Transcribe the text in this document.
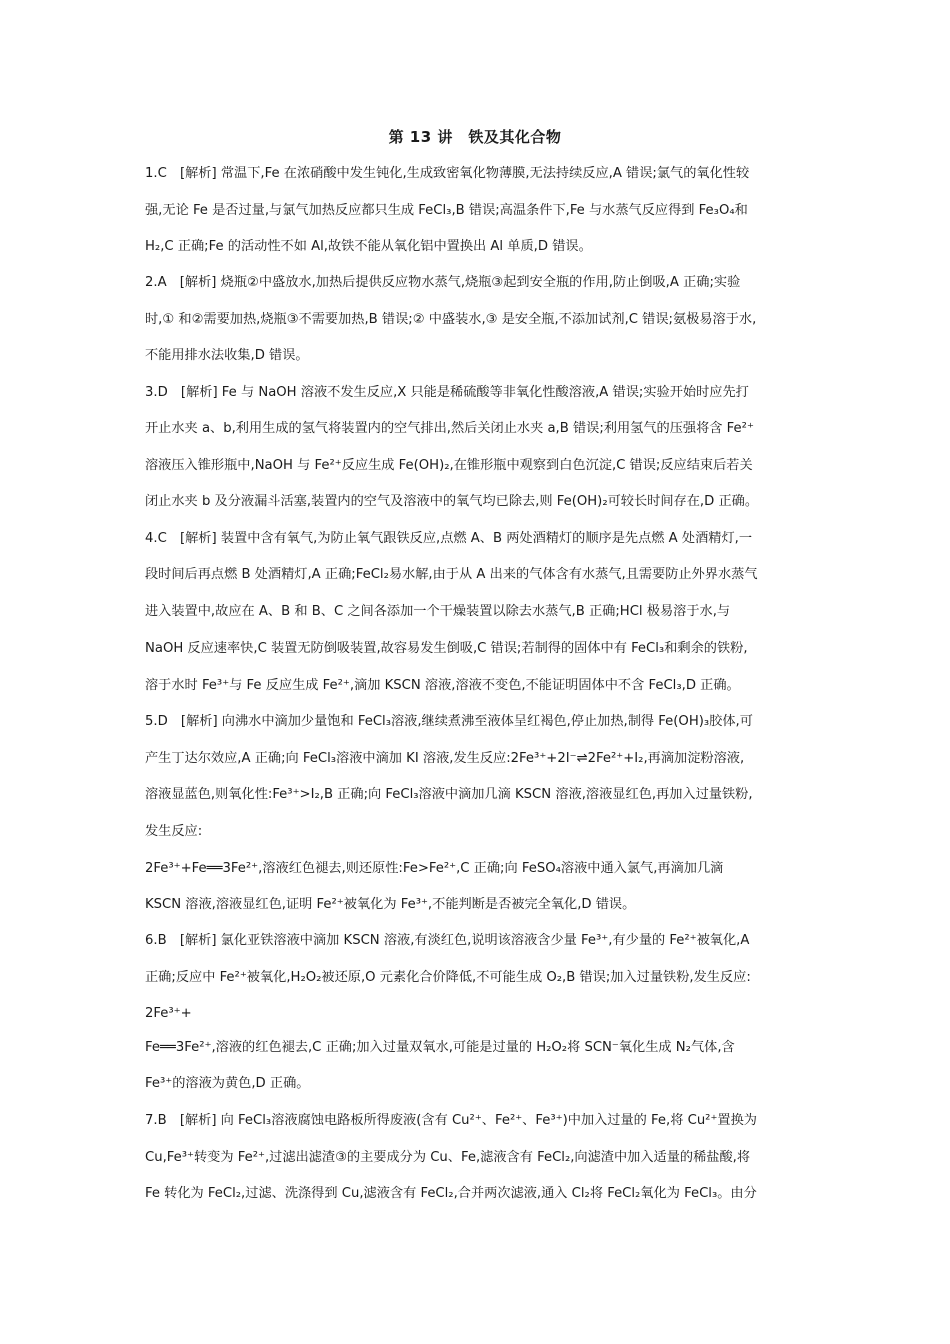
第 13 讲　铁及其化合物
1.C　[解析] 常温下,Fe 在浓硝酸中发生钝化,生成致密氧化物薄膜,无法持续反应,A 错误;氯气的氧化性较
强,无论 Fe 是否过量,与氯气加热反应都只生成 FeCl₃,B 错误;高温条件下,Fe 与水蒸气反应得到 Fe₃O₄和
H₂,C 正确;Fe 的活动性不如 Al,故铁不能从氧化铝中置换出 Al 单质,D 错误。
2.A　[解析] 烧瓶②中盛放水,加热后提供反应物水蒸气,烧瓶③起到安全瓶的作用,防止倒吸,A 正确;实验
时,① 和②需要加热,烧瓶③不需要加热,B 错误;② 中盛装水,③ 是安全瓶,不添加试剂,C 错误;氨极易溶于水,
不能用排水法收集,D 错误。
3.D　[解析] Fe 与 NaOH 溶液不发生反应,X 只能是稀硫酸等非氧化性酸溶液,A 错误;实验开始时应先打
开止水夹 a、b,利用生成的氢气将装置内的空气排出,然后关闭止水夹 a,B 错误;利用氢气的压强将含 Fe²⁺
溶液压入锥形瓶中,NaOH 与 Fe²⁺反应生成 Fe(OH)₂,在锥形瓶中观察到白色沉淀,C 错误;反应结束后若关
闭止水夹 b 及分液漏斗活塞,装置内的空气及溶液中的氧气均已除去,则 Fe(OH)₂可较长时间存在,D 正确。
4.C　[解析] 装置中含有氧气,为防止氧气跟铁反应,点燃 A、B 两处酒精灯的顺序是先点燃 A 处酒精灯,一
段时间后再点燃 B 处酒精灯,A 正确;FeCl₂易水解,由于从 A 出来的气体含有水蒸气,且需要防止外界水蒸气
进入装置中,故应在 A、B 和 B、C 之间各添加一个干燥装置以除去水蒸气,B 正确;HCl 极易溶于水,与
NaOH 反应速率快,C 装置无防倒吸装置,故容易发生倒吸,C 错误;若制得的固体中有 FeCl₃和剩余的铁粉,
溶于水时 Fe³⁺与 Fe 反应生成 Fe²⁺,滴加 KSCN 溶液,溶液不变色,不能证明固体中不含 FeCl₃,D 正确。
5.D　[解析] 向沸水中滴加少量饱和 FeCl₃溶液,继续煮沸至液体呈红褐色,停止加热,制得 Fe(OH)₃胶体,可
产生丁达尔效应,A 正确;向 FeCl₃溶液中滴加 KI 溶液,发生反应:2Fe³⁺+2I⁻⇌2Fe²⁺+I₂,再滴加淀粉溶液,
溶液显蓝色,则氧化性:Fe³⁺>I₂,B 正确;向 FeCl₃溶液中滴加几滴 KSCN 溶液,溶液显红色,再加入过量铁粉,
发生反应:
2Fe³⁺+Fe══3Fe²⁺,溶液红色褪去,则还原性:Fe>Fe²⁺,C 正确;向 FeSO₄溶液中通入氯气,再滴加几滴
KSCN 溶液,溶液显红色,证明 Fe²⁺被氧化为 Fe³⁺,不能判断是否被完全氧化,D 错误。
6.B　[解析] 氯化亚铁溶液中滴加 KSCN 溶液,有淡红色,说明该溶液含少量 Fe³⁺,有少量的 Fe²⁺被氧化,A
正确;反应中 Fe²⁺被氧化,H₂O₂被还原,O 元素化合价降低,不可能生成 O₂,B 错误;加入过量铁粉,发生反应:
2Fe³⁺+
Fe══3Fe²⁺,溶液的红色褪去,C 正确;加入过量双氧水,可能是过量的 H₂O₂将 SCN⁻氧化生成 N₂气体,含
Fe³⁺的溶液为黄色,D 正确。
7.B　[解析] 向 FeCl₃溶液腐蚀电路板所得废液(含有 Cu²⁺、Fe²⁺、Fe³⁺)中加入过量的 Fe,将 Cu²⁺置换为
Cu,Fe³⁺转变为 Fe²⁺,过滤出滤渣③的主要成分为 Cu、Fe,滤液含有 FeCl₂,向滤渣中加入适量的稀盐酸,将
Fe 转化为 FeCl₂,过滤、洗涤得到 Cu,滤液含有 FeCl₂,合并两次滤液,通入 Cl₂将 FeCl₂氧化为 FeCl₃。由分
